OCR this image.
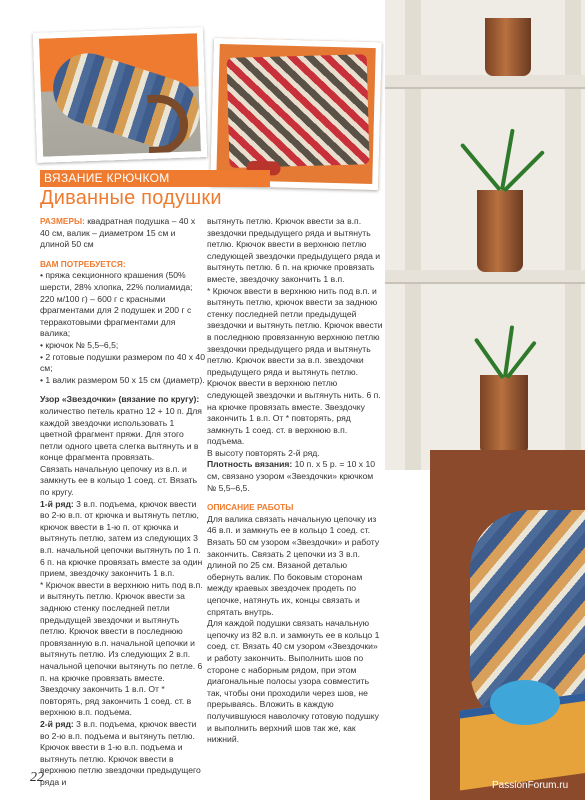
ВЯЗАНИЕ КРЮЧКОМ
Диванные подушки

РАЗМЕРЫ: квадратная подушка – 40 х 40 см, валик – диаметром 15 см и длиной 50 см

ВАМ ПОТРЕБУЕТСЯ:

• пряжа секционного крашения (50% шерсти, 28% хлопка, 22% полиамида; 220 м/100 г) – 600 г с красными фрагментами для 2 подушек и 200 г с терракотовыми фрагментами для валика;

• крючок № 5,5–6,5;

• 2 готовые подушки размером по 40 х 40 см;

• 1 валик размером 50 х 15 см (диаметр).

Узор «Звездочки» (вязание по кругу):

количество петель кратно 12 + 10 п. Для каждой звездочки использовать 1 цветной фрагмент пряжи. Для этого петли одного цвета слегка вытянуть и в конце фрагмента провязать.

Связать начальную цепочку из в.п. и замкнуть ее в кольцо 1 соед. ст. Вязать по кругу.

1-й ряд: 3 в.п. подъема, крючок ввести во 2-ю в.п. от крючка и вытянуть петлю, крючок ввести в 1-ю п. от крючка и вытянуть петлю, затем из следующих 3 в.п. начальной цепочки вытянуть по 1 п. 6 п. на крючке провязать вместе за один прием, звездочку закончить 1 в.п.

* Крючок ввести в верхнюю нить под в.п. и вытянуть петлю. Крючок ввести за заднюю стенку последней петли предыдущей звездочки и вытянуть петлю. Крючок ввести в последнюю провязанную в.п. начальной цепочки и вытянуть петлю. Из следующих 2 в.п. начальной цепочки вытянуть по петле. 6 п. на крючке провязать вместе. Звездочку закончить 1 в.п. От * повторять, ряд закончить 1 соед. ст. в верхнюю в.п. подъема.

2-й ряд: 3 в.п. подъема, крючок ввести во 2-ю в.п. подъема и вытянуть петлю. Крючок ввести в 1-ю в.п. подъема и вытянуть петлю. Крючок ввести в верхнюю петлю звездочки предыдущего ряда и

вытянуть петлю. Крючок ввести за в.п. звездочки предыдущего ряда и вытянуть петлю. Крючок ввести в верхнюю петлю следующей звездочки предыдущего ряда и вытянуть петлю. 6 п. на крючке провязать вместе, звездочку закончить 1 в.п.

* Крючок ввести в верхнюю нить под в.п. и вытянуть петлю, крючок ввести за заднюю стенку последней петли предыдущей звездочки и вытянуть петлю. Крючок ввести в последнюю провязанную верхнюю петлю звездочки предыдущего ряда и вытянуть петлю. Крючок ввести за в.п. звездочки предыдущего ряда и вытянуть петлю. Крючок ввести в верхнюю петлю следующей звездочки и вытянуть нить. 6 п. на крючке провязать вместе. Звездочку закончить 1 в.п. От * повторять, ряд замкнуть 1 соед. ст. в верхнюю в.п. подъема.

В высоту повторять 2-й ряд.

Плотность вязания: 10 п. х 5 р. = 10 х 10 см, связано узором «Звездочки» крючком № 5,5–6,5.

ОПИСАНИЕ РАБОТЫ

Для валика связать начальную цепочку из 46 в.п. и замкнуть ее в кольцо 1 соед. ст. Вязать 50 см узором «Звездочки» и работу закончить. Связать 2 цепочки из 3 в.п. длиной по 25 см. Вязаной деталью обернуть валик. По боковым сторонам между краевых звездочек продеть по цепочке, натянуть их, концы связать и спрятать внутрь.

Для каждой подушки связать начальную цепочку из 82 в.п. и замкнуть ее в кольцо 1 соед. ст. Вязать 40 см узором «Звездочки» и работу закончить. Выполнить шов по стороне с наборным рядом, при этом диагональные полосы узора совместить так, чтобы они проходили через шов, не прерываясь. Вложить в каждую получившуюся наволочку готовую подушку и выполнить верхний шов так же, как нижний.

22
PassionForum.ru
